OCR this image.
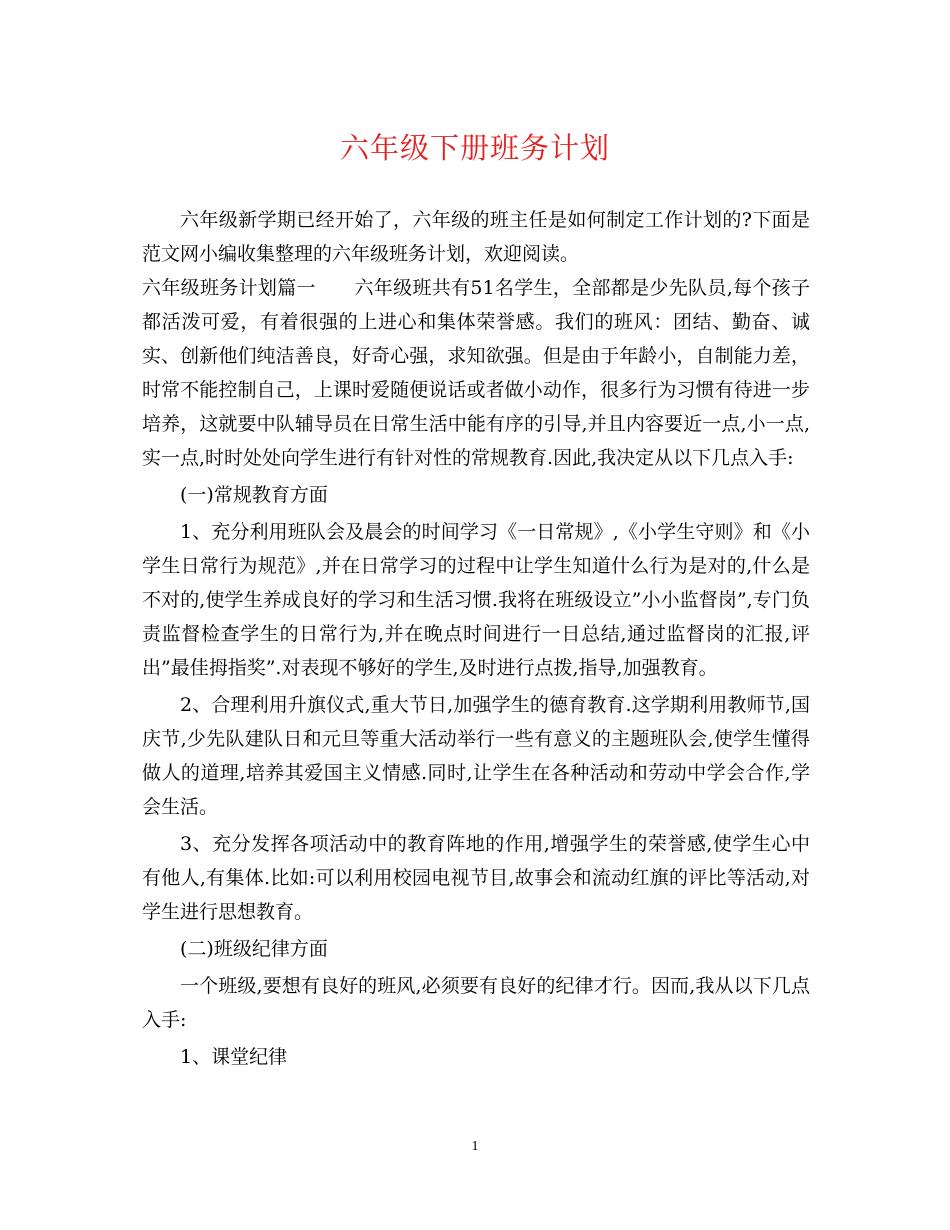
六年级下册班务计划

六年级新学期已经开始了，六年级的班主任是如何制定工作计划的?下面是范文网小编收集整理的六年级班务计划，欢迎阅读。

六年级班务计划篇一　　六年级班共有51名学生，全部都是少先队员,每个孩子都活泼可爱，有着很强的上进心和集体荣誉感。我们的班风：团结、勤奋、诚实、创新他们纯洁善良，好奇心强，求知欲强。但是由于年龄小，自制能力差，时常不能控制自己，上课时爱随便说话或者做小动作，很多行为习惯有待进一步培养，这就要中队辅导员在日常生活中能有序的引导,并且内容要近一点,小一点,实一点,时时处处向学生进行有针对性的常规教育.因此,我决定从以下几点入手:

(一)常规教育方面

1、充分利用班队会及晨会的时间学习《一日常规》,《小学生守则》和《小学生日常行为规范》,并在日常学习的过程中让学生知道什么行为是对的,什么是不对的,使学生养成良好的学习和生活习惯.我将在班级设立”小小监督岗”,专门负责监督检查学生的日常行为,并在晚点时间进行一日总结,通过监督岗的汇报,评出”最佳拇指奖”.对表现不够好的学生,及时进行点拨,指导,加强教育。

2、合理利用升旗仪式,重大节日,加强学生的德育教育.这学期利用教师节,国庆节,少先队建队日和元旦等重大活动举行一些有意义的主题班队会,使学生懂得做人的道理,培养其爱国主义情感.同时,让学生在各种活动和劳动中学会合作,学会生活。

3、充分发挥各项活动中的教育阵地的作用,增强学生的荣誉感,使学生心中有他人,有集体.比如:可以利用校园电视节目,故事会和流动红旗的评比等活动,对学生进行思想教育。

(二)班级纪律方面

一个班级,要想有良好的班风,必须要有良好的纪律才行。因而,我从以下几点入手:

1、课堂纪律

1
